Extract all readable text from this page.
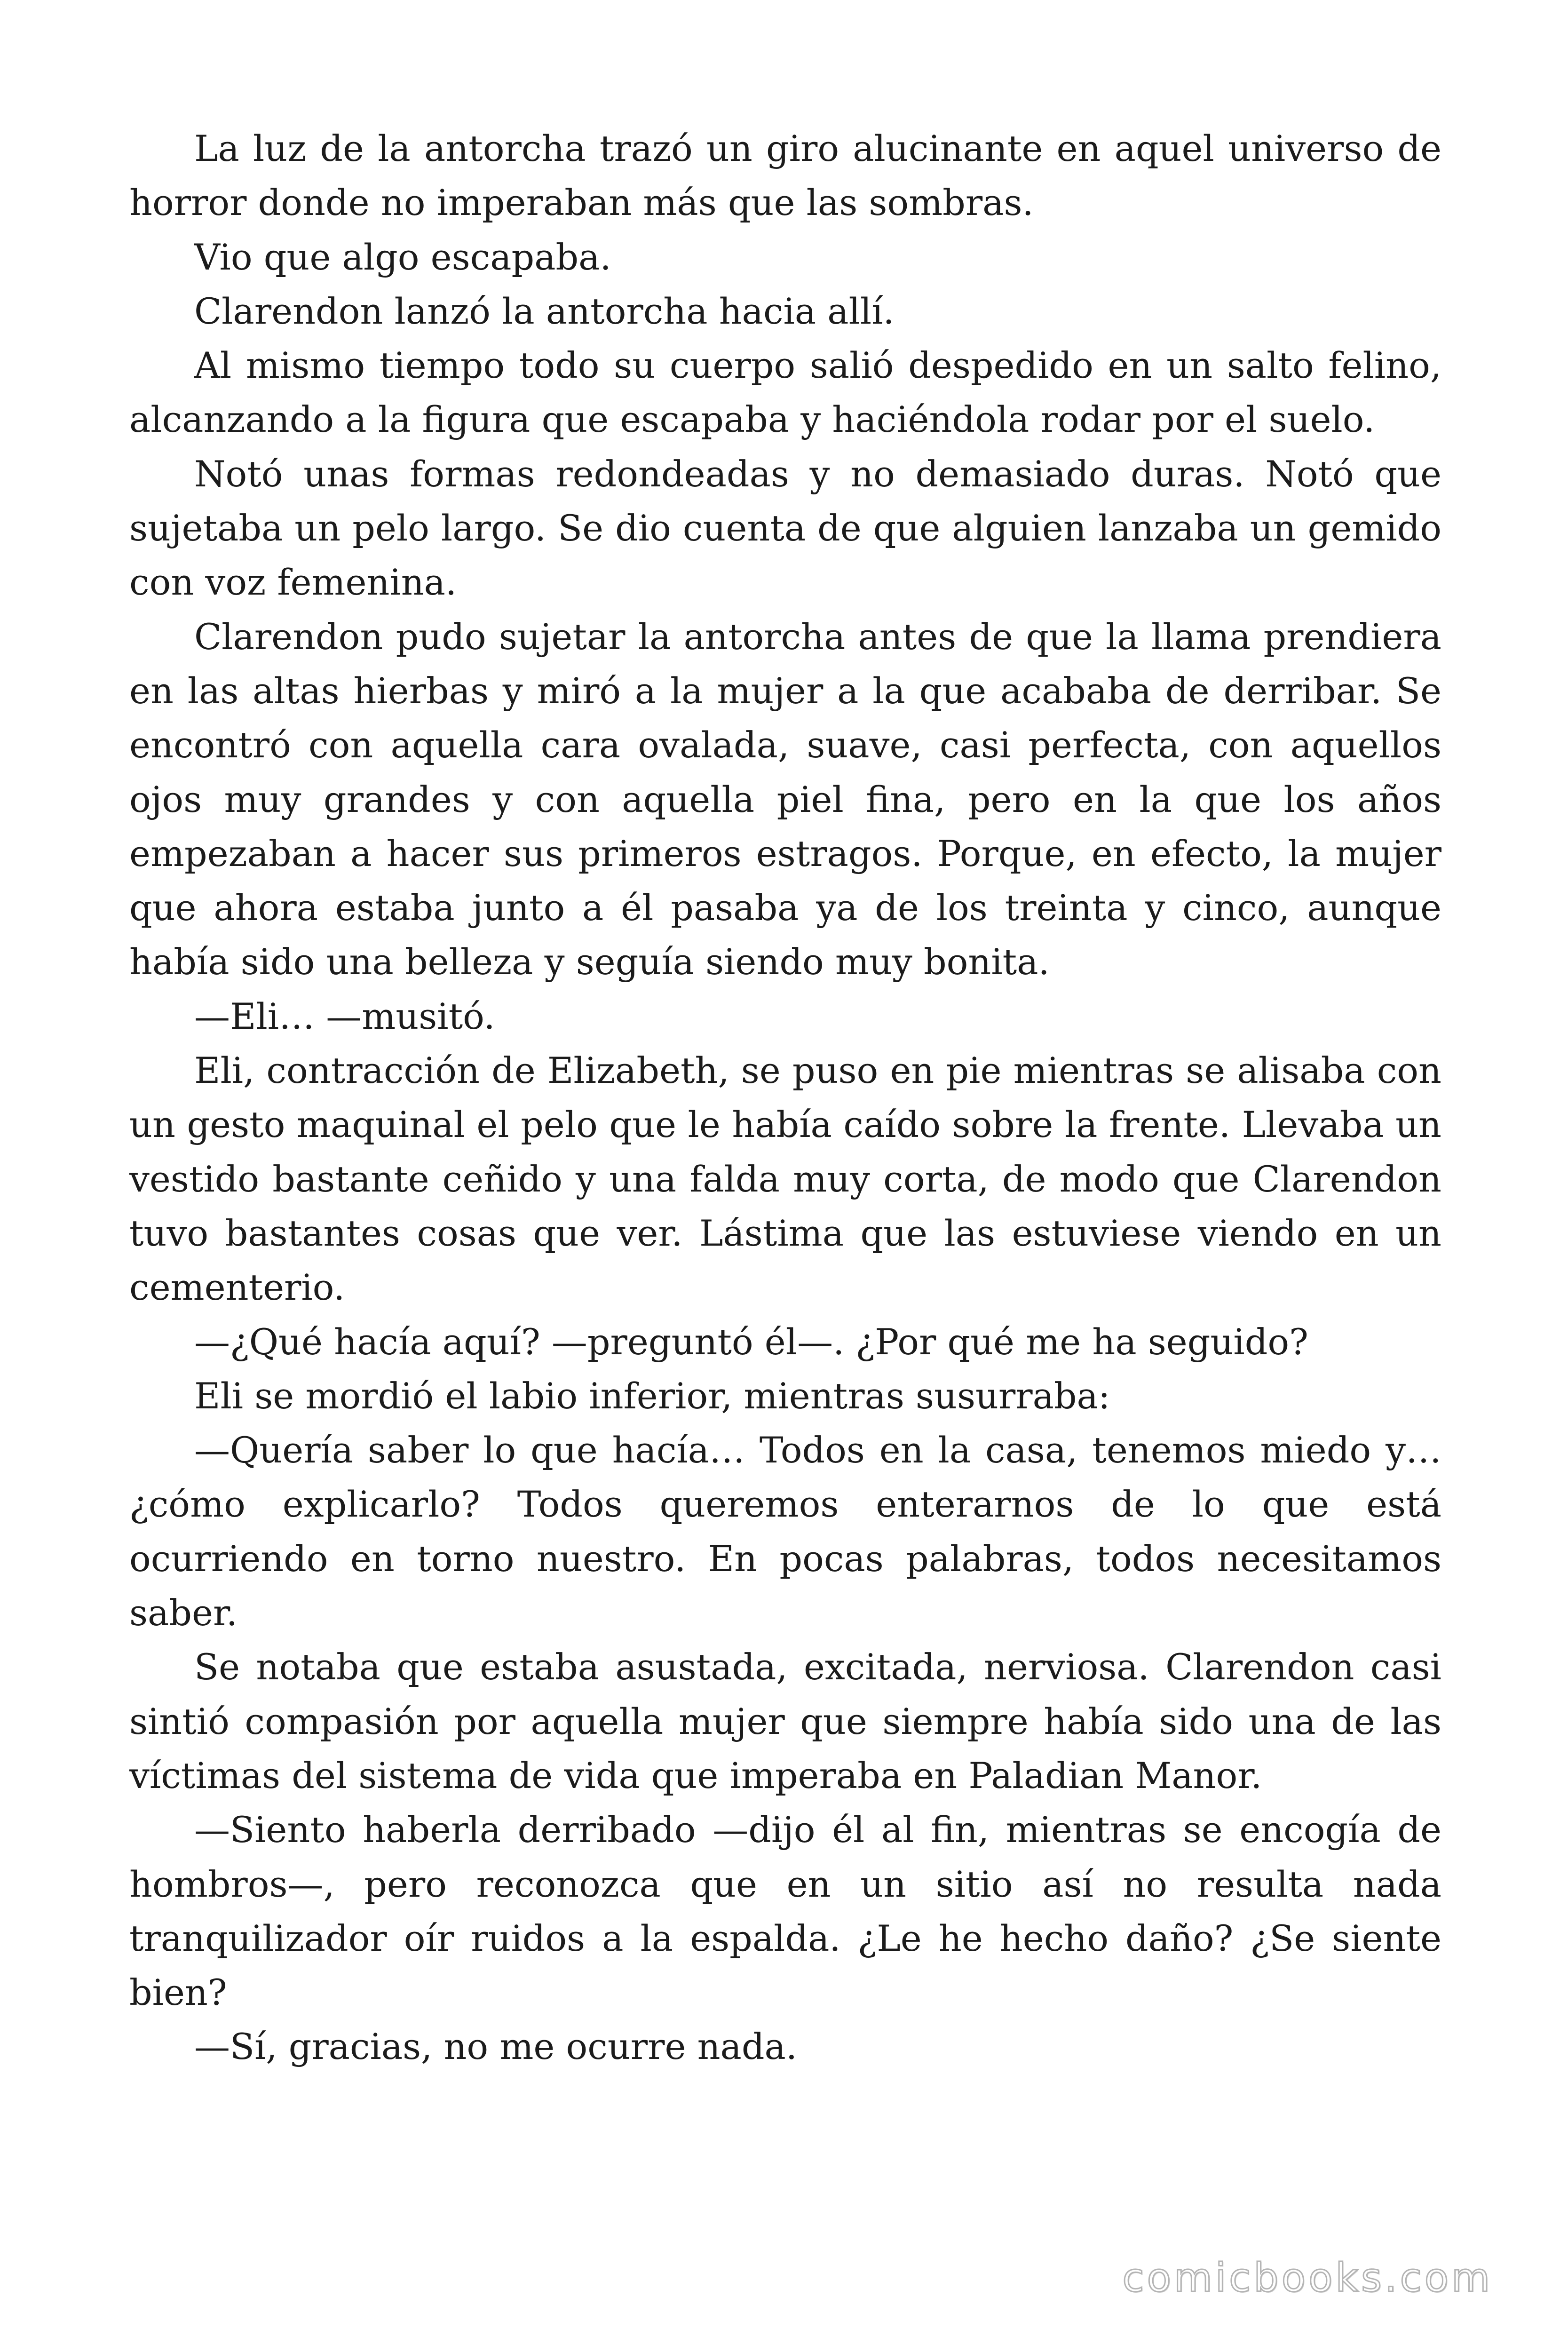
La luz de la antorcha trazó un giro alucinante en aquel universo de horror donde no imperaban más que las sombras.

Vio que algo escapaba.

Clarendon lanzó la antorcha hacia allí.

Al mismo tiempo todo su cuerpo salió despedido en un salto felino, alcanzando a la figura que escapaba y haciéndola rodar por el suelo.

Notó unas formas redondeadas y no demasiado duras. Notó que sujetaba un pelo largo. Se dio cuenta de que alguien lanzaba un gemido con voz femenina.

Clarendon pudo sujetar la antorcha antes de que la llama prendiera en las altas hierbas y miró a la mujer a la que acababa de derribar. Se encontró con aquella cara ovalada, suave, casi perfecta, con aquellos ojos muy grandes y con aquella piel fina, pero en la que los años empezaban a hacer sus primeros estragos. Porque, en efecto, la mujer que ahora estaba junto a él pasaba ya de los treinta y cinco, aunque había sido una belleza y seguía siendo muy bonita.

—Eli… —musitó.

Eli, contracción de Elizabeth, se puso en pie mientras se alisaba con un gesto maquinal el pelo que le había caído sobre la frente. Llevaba un vestido bastante ceñido y una falda muy corta, de modo que Clarendon tuvo bastantes cosas que ver. Lástima que las estuviese viendo en un cementerio.

—¿Qué hacía aquí? —preguntó él—. ¿Por qué me ha seguido?

Eli se mordió el labio inferior, mientras susurraba:

—Quería saber lo que hacía… Todos en la casa, tenemos miedo y… ¿cómo explicarlo? Todos queremos enterarnos de lo que está ocurriendo en torno nuestro. En pocas palabras, todos necesitamos saber.

Se notaba que estaba asustada, excitada, nerviosa. Clarendon casi sintió compasión por aquella mujer que siempre había sido una de las víctimas del sistema de vida que imperaba en Paladian Manor.

—Siento haberla derribado —dijo él al fin, mientras se encogía de hombros—, pero reconozca que en un sitio así no resulta nada tranquilizador oír ruidos a la espalda. ¿Le he hecho daño? ¿Se siente bien?

—Sí, gracias, no me ocurre nada.

comicbooks.com
